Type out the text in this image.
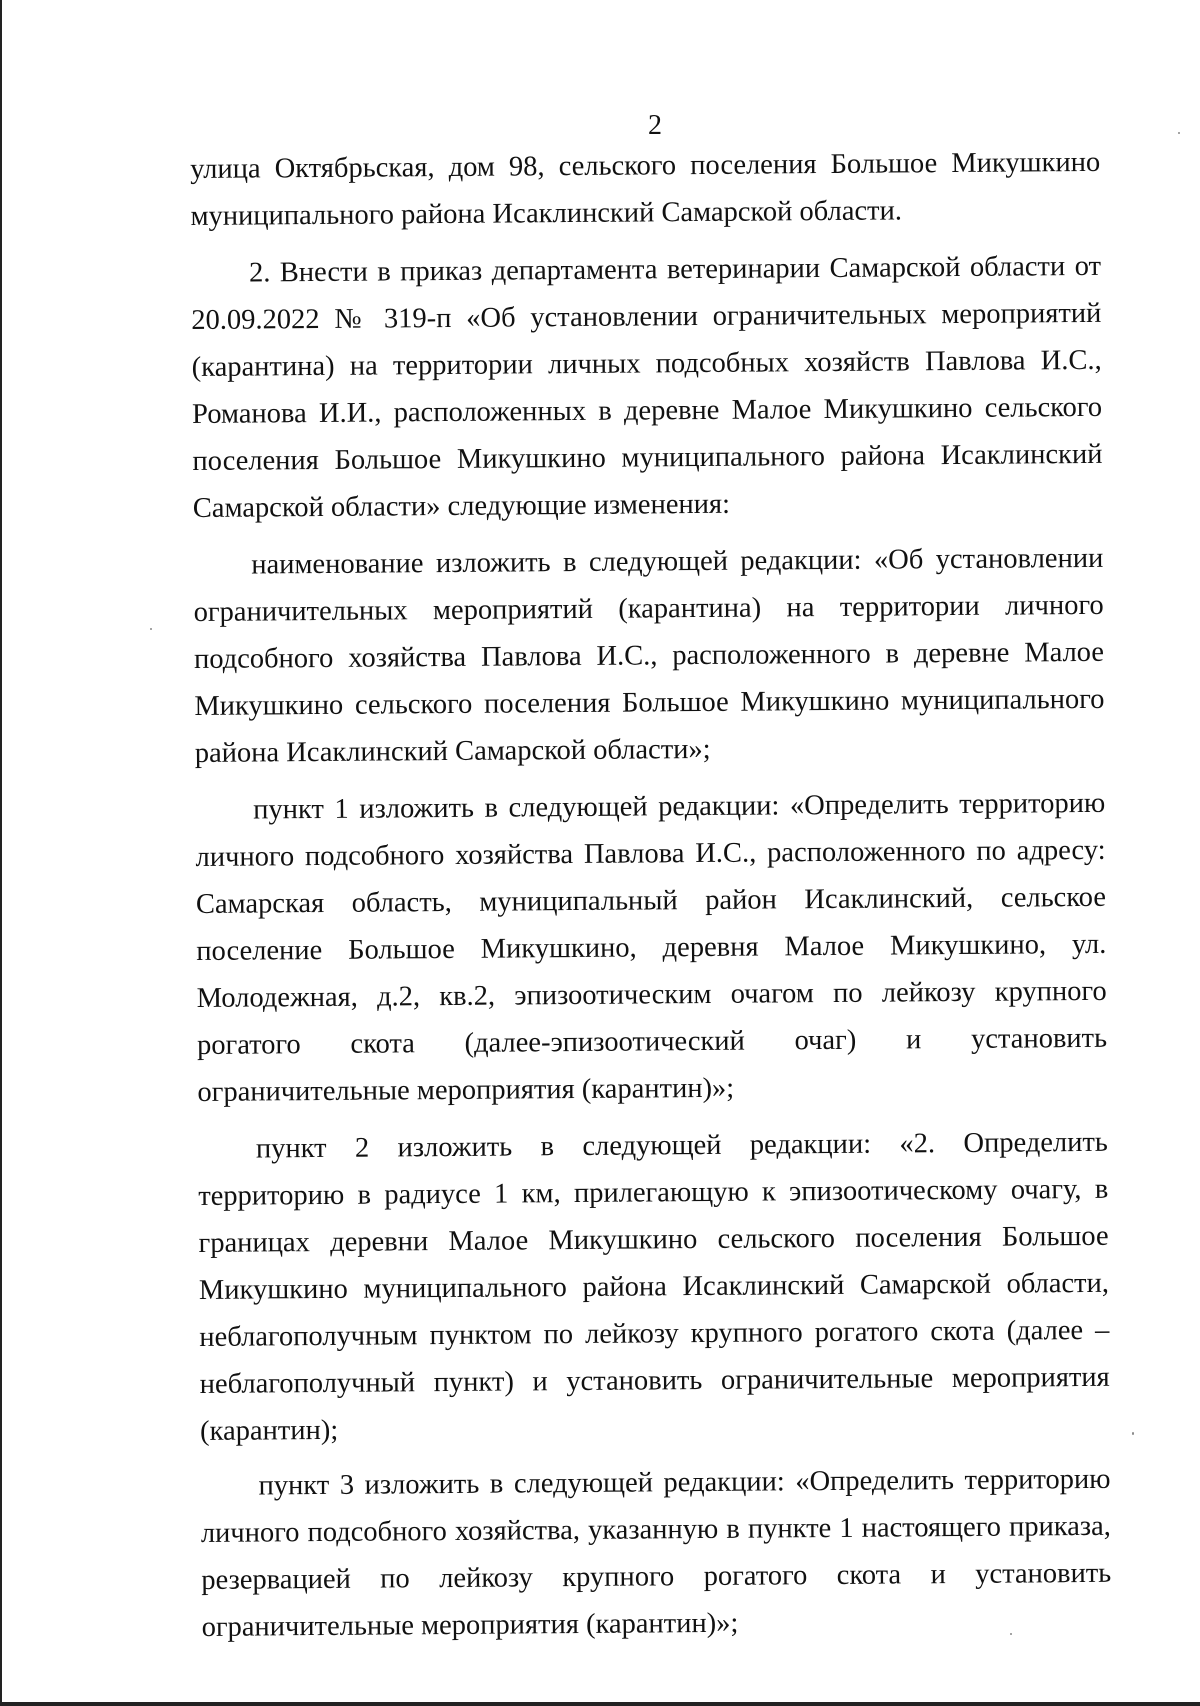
2

улица Октябрьская, дом 98, сельского поселения Большое Микушкино муниципального района Исаклинский Самарской области.

2. Внести в приказ департамента ветеринарии Самарской области от 20.09.2022 № 319-п «Об установлении ограничительных мероприятий (карантина) на территории личных подсобных хозяйств Павлова И.С., Романова И.И., расположенных в деревне Малое Микушкино сельского поселения Большое Микушкино муниципального района Исаклинский Самарской области» следующие изменения:

наименование изложить в следующей редакции: «Об установлении ограничительных мероприятий (карантина) на территории личного подсобного хозяйства Павлова И.С., расположенного в деревне Малое Микушкино сельского поселения Большое Микушкино муниципального района Исаклинский Самарской области»;

пункт 1 изложить в следующей редакции: «Определить территорию личного подсобного хозяйства Павлова И.С., расположенного по адресу: Самарская область, муниципальный район Исаклинский, сельское поселение Большое Микушкино, деревня Малое Микушкино, ул. Молодежная, д.2, кв.2, эпизоотическим очагом по лейкозу крупного рогатого скота (далее-эпизоотический очаг) и установить ограничительные мероприятия (карантин)»;

пункт 2 изложить в следующей редакции: «2. Определить территорию в радиусе 1 км, прилегающую к эпизоотическому очагу, в границах деревни Малое Микушкино сельского поселения Большое Микушкино муниципального района Исаклинский Самарской области, неблагополучным пунктом по лейкозу крупного рогатого скота (далее – неблагополучный пункт) и установить ограничительные мероприятия (карантин);

пункт 3 изложить в следующей редакции: «Определить территорию личного подсобного хозяйства, указанную в пункте 1 настоящего приказа, резервацией по лейкозу крупного рогатого скота и установить ограничительные мероприятия (карантин)»;
